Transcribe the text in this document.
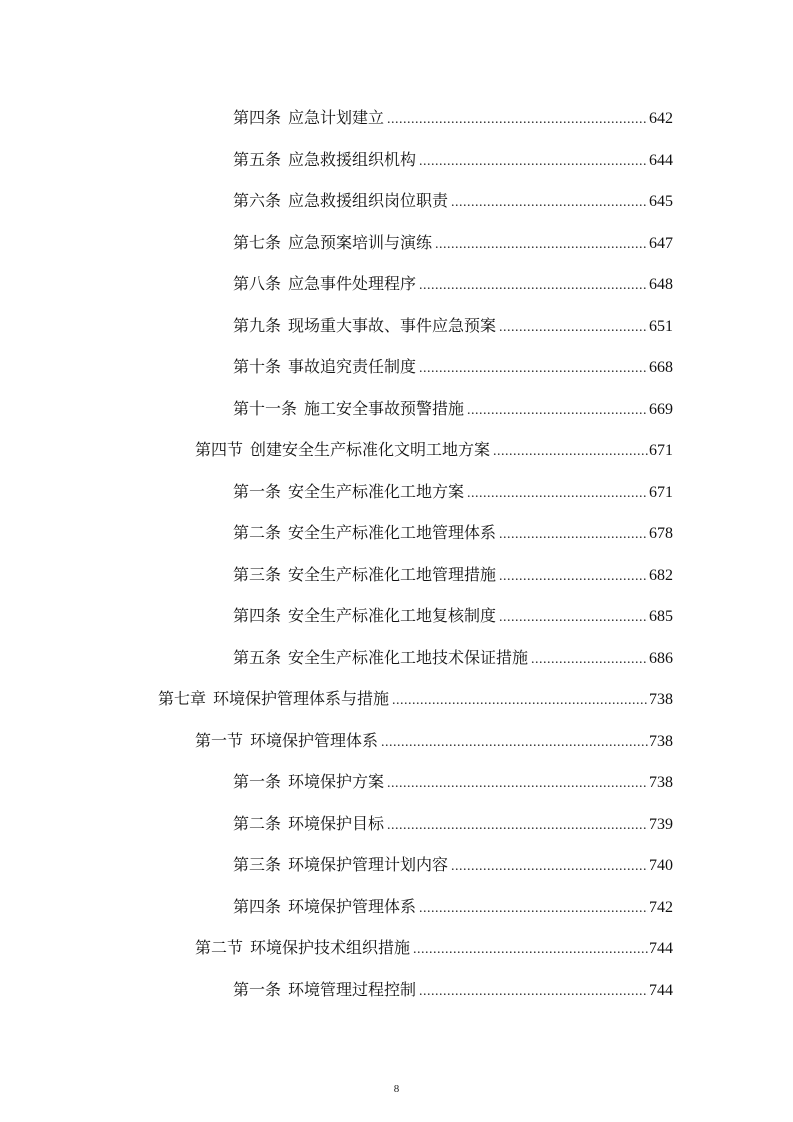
第四条 应急计划建立 .....	642
第五条 应急救援组织机构 .....	644
第六条 应急救援组织岗位职责 .....	645
第七条 应急预案培训与演练 .....	647
第八条 应急事件处理程序 .....	648
第九条 现场重大事故、事件应急预案 .....	651
第十条 事故追究责任制度 .....	668
第十一条 施工安全事故预警措施 .....	669
第四节 创建安全生产标准化文明工地方案 .....	671
第一条 安全生产标准化工地方案 .....	671
第二条 安全生产标准化工地管理体系 .....	678
第三条 安全生产标准化工地管理措施 .....	682
第四条 安全生产标准化工地复核制度 .....	685
第五条 安全生产标准化工地技术保证措施 .....	686
第七章 环境保护管理体系与措施 .....	738
第一节 环境保护管理体系 .....	738
第一条 环境保护方案 .....	738
第二条 环境保护目标 .....	739
第三条 环境保护管理计划内容 .....	740
第四条 环境保护管理体系 .....	742
第二节 环境保护技术组织措施 .....	744
第一条 环境管理过程控制 .....	744
8
